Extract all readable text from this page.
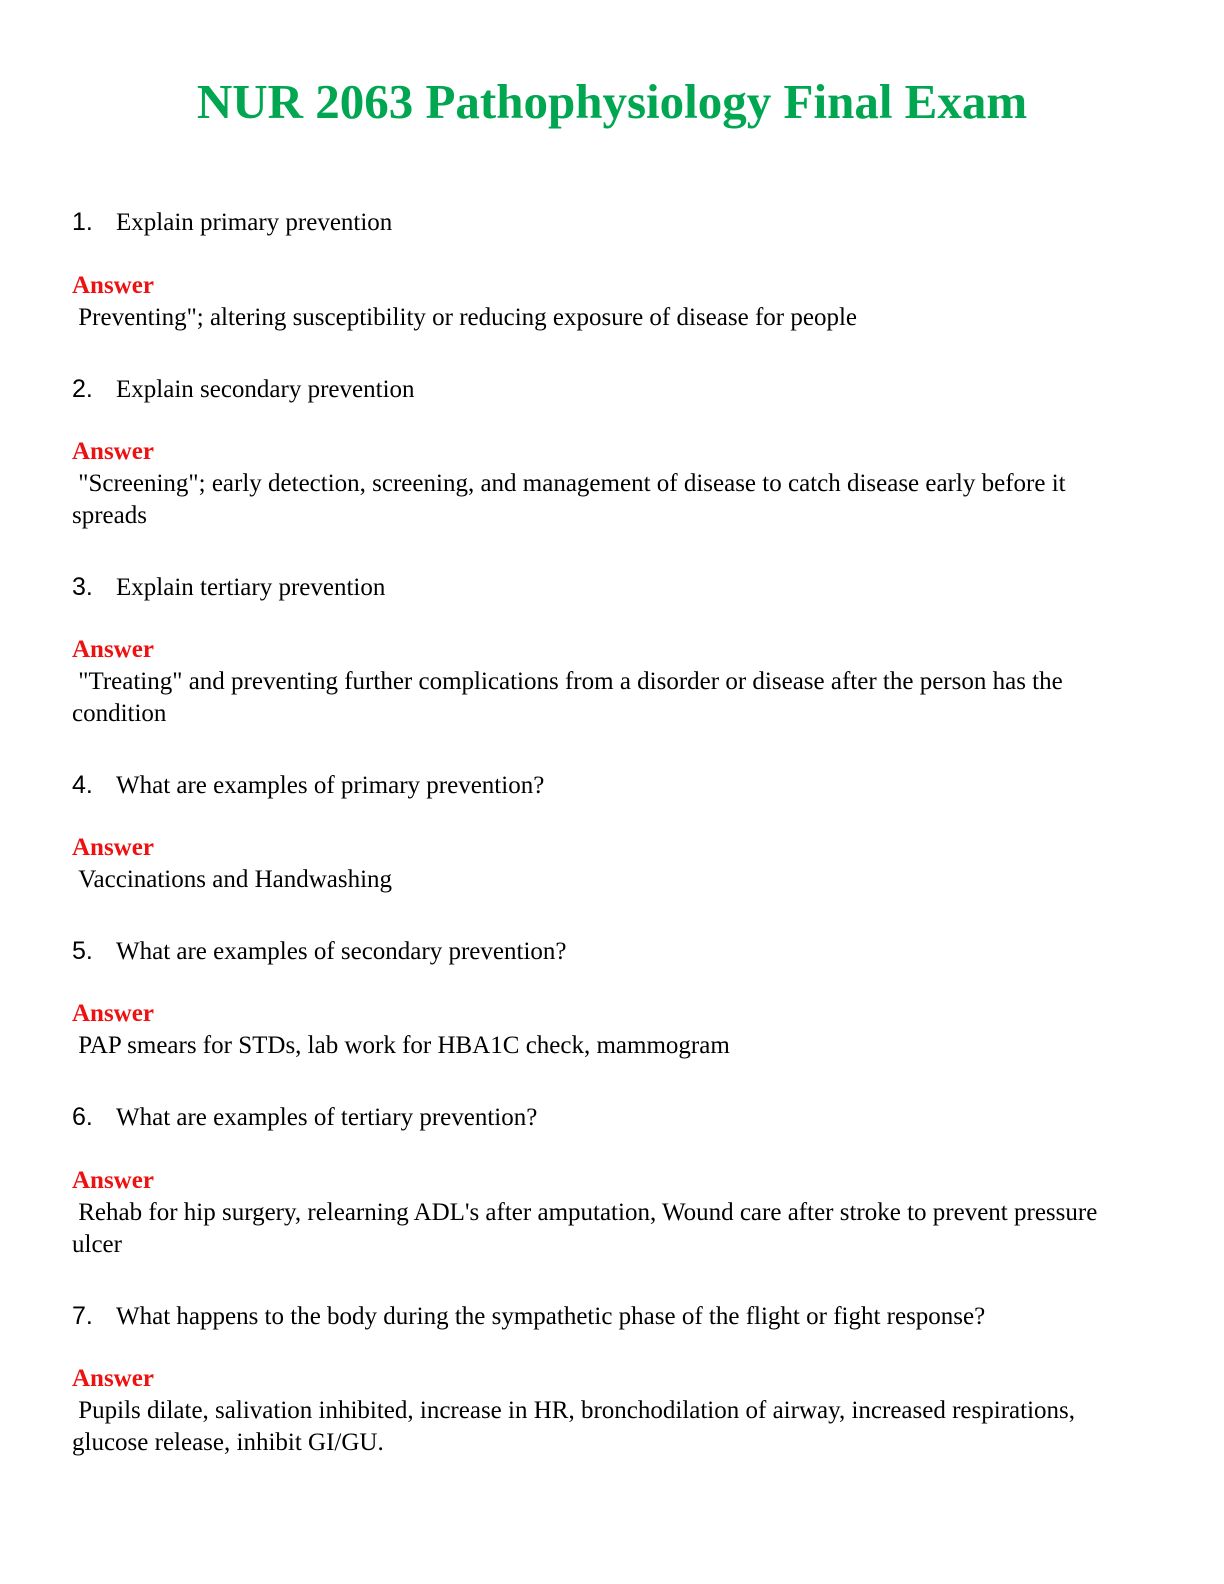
NUR 2063 Pathophysiology Final Exam
1. Explain primary prevention
Answer
Preventing"; altering susceptibility or reducing exposure of disease for people
2. Explain secondary prevention
Answer
"Screening"; early detection, screening, and management of disease to catch disease early before it spreads
3. Explain tertiary prevention
Answer
"Treating" and preventing further complications from a disorder or disease after the person has the condition
4. What are examples of primary prevention?
Answer
Vaccinations and Handwashing
5. What are examples of secondary prevention?
Answer
PAP smears for STDs, lab work for HBA1C check, mammogram
6. What are examples of tertiary prevention?
Answer
Rehab for hip surgery, relearning ADL's after amputation, Wound care after stroke to prevent pressure ulcer
7. What happens to the body during the sympathetic phase of the flight or fight response?
Answer
Pupils dilate, salivation inhibited, increase in HR, bronchodilation of airway, increased respirations, glucose release, inhibit GI/GU.
